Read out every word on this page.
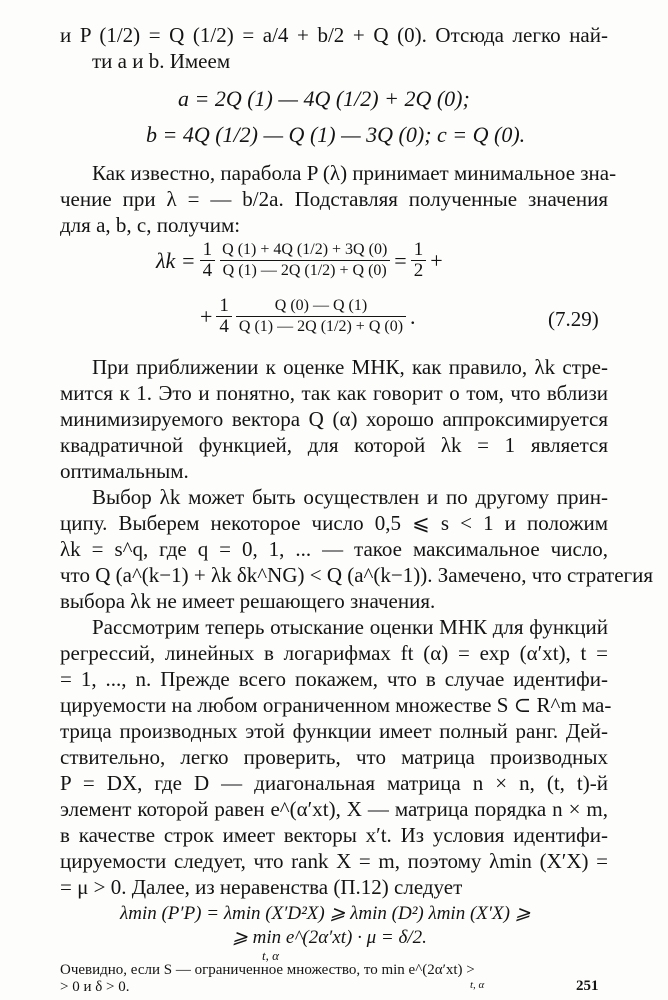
и P (1/2) = Q (1/2) = a/4 + b/2 + Q (0). Отсюда легко най-
ти a и b. Имеем
a = 2Q (1) — 4Q (1/2) + 2Q (0);
b = 4Q (1/2) — Q (1) — 3Q (0); c = Q (0).
Как известно, парабола P (λ) принимает минимальное зна-
чение при λ = — b/2a. Подставляя полученные значения
для a, b, c, получим:
$\lambda k = \frac{1}{4} \frac{Q (1) + 4Q (1/2) + 3Q (0)}{Q (1) — 2Q (1/2) + Q (0)} = \frac{1}{2}$ +
+ $\frac{1}{4} \frac{Q (0) — Q (1)}{Q (1) — 2Q (1/2) + Q (0)}$ .	(7.29)
При приближении к оценке МНК, как правило, λk стре-
мится к 1. Это и понятно, так как говорит о том, что вблизи
минимизируемого вектора Q (α) хорошо аппроксимируется
квадратичной функцией, для которой λk = 1 является
оптимальным.
Выбор λk может быть осуществлен и по другому прин-
ципу. Выберем некоторое число 0,5 ⩽ s < 1 и положим
λk = s^q, где q = 0, 1, ... — такое максимальное число,
что Q (a^(k−1) + λk δk^NG) < Q (a^(k−1)). Замечено, что стратегия
выбора λk не имеет решающего значения.
Рассмотрим теперь отыскание оценки МНК для функций
регрессий, линейных в логарифмах ft (α) = exp (α′xt), t =
= 1, ..., n. Прежде всего покажем, что в случае идентифи-
цируемости на любом ограниченном множестве S ⊂ R^m ма-
трица производных этой функции имеет полный ранг. Дей-
ствительно, легко проверить, что матрица производных
P = DX, где D — диагональная матрица n × n, (t, t)-й
элемент которой равен e^(α′xt), X — матрица порядка n × m,
в качестве строк имеет векторы x′t. Из условия идентифи-
цируемости следует, что rank X = m, поэтому λmin (X′X) =
= μ > 0. Далее, из неравенства (П.12) следует
λmin (P′P) = λmin (X′D²X) ⩾ λmin (D²) λmin (X′X) ⩾
⩾ min e^(2α′xt) · μ = δ/2.
t, α
Очевидно, если S — ограниченное множество, то min e^(2α′xt) >
> 0 и δ > 0.	t, α	251
